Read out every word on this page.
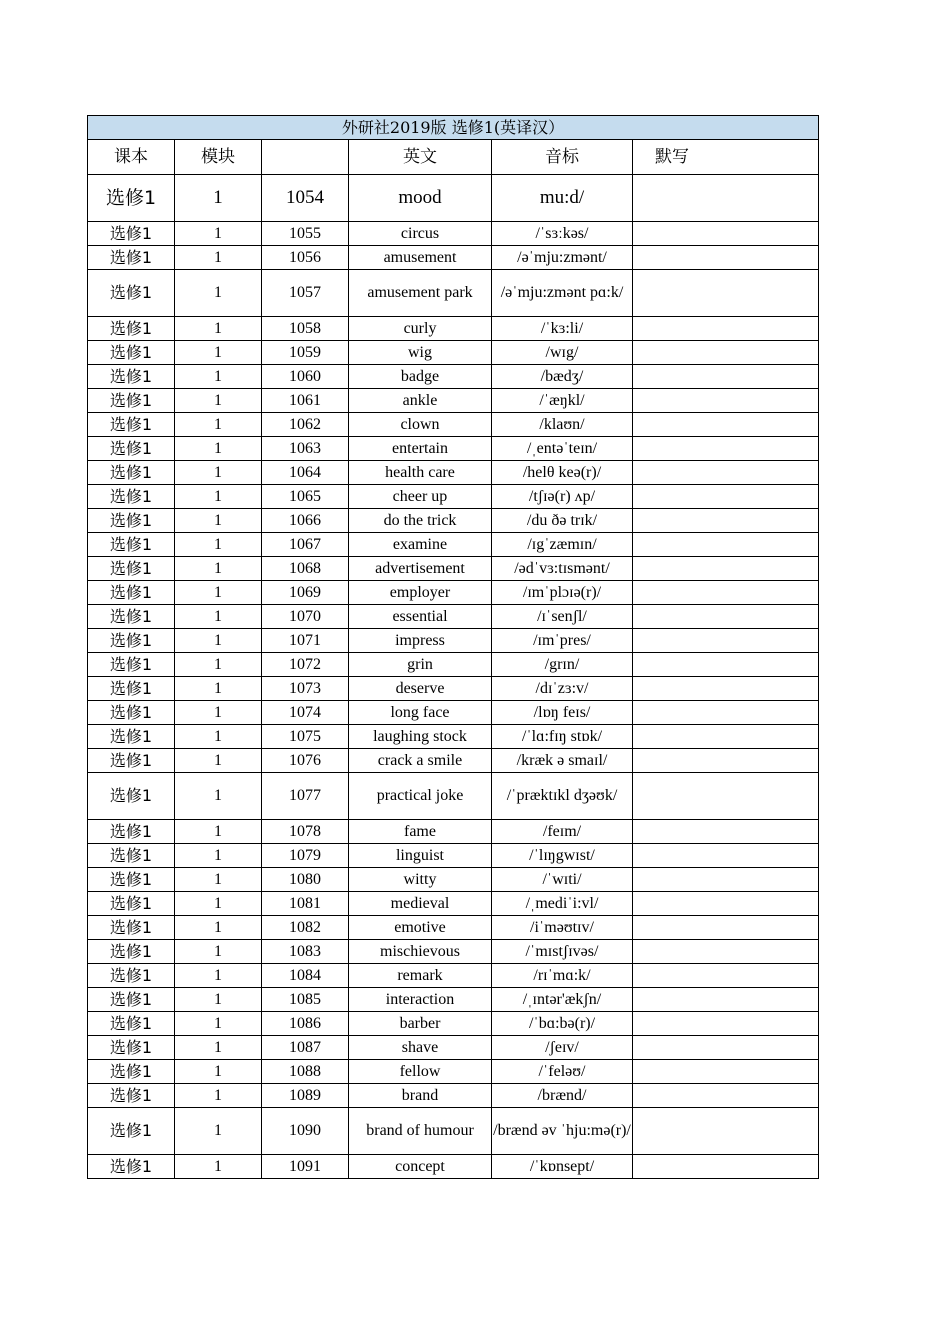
外研社2019版 选修1(英译汉）					
课本	模块		英文	音标	默写
选修1	1	1054	mood	mu:d/	
选修1	1	1055	circus	/ˈsɜːkəs/	
选修1	1	1056	amusement	/əˈmju:zmənt/	
选修1	1	1057	amusement park	/əˈmju:zmənt pɑ:k/	
选修1	1	1058	curly	/ˈkɜ:li/	
选修1	1	1059	wig	/wɪg/	
选修1	1	1060	badge	/bædʒ/	
选修1	1	1061	ankle	/ˈæŋkl/	
选修1	1	1062	clown	/klaʊn/	
选修1	1	1063	entertain	/ˌentəˈteɪn/	
选修1	1	1064	health care	/helθ keə(r)/	
选修1	1	1065	cheer up	/tʃɪə(r) ʌp/	
选修1	1	1066	do the trick	/du ðə trɪk/	
选修1	1	1067	examine	/ɪgˈzæmɪn/	
选修1	1	1068	advertisement	/ədˈvɜ:tɪsmənt/	
选修1	1	1069	employer	/ɪmˈplɔɪə(r)/	
选修1	1	1070	essential	/ɪˈsenʃl/	
选修1	1	1071	impress	/ɪmˈpres/	
选修1	1	1072	grin	/grɪn/	
选修1	1	1073	deserve	/dɪˈzɜ:v/	
选修1	1	1074	long face	/lɒŋ feɪs/	
选修1	1	1075	laughing stock	/ˈlɑ:fɪŋ stɒk/	
选修1	1	1076	crack a smile	/kræk ə smaɪl/	
选修1	1	1077	practical joke	/ˈpræktɪkl dʒəʊk/	
选修1	1	1078	fame	/feɪm/	
选修1	1	1079	linguist	/ˈlɪŋgwɪst/	
选修1	1	1080	witty	/ˈwɪti/	
选修1	1	1081	medieval	/ˌmediˈi:vl/	
选修1	1	1082	emotive	/iˈməʊtɪv/	
选修1	1	1083	mischievous	/ˈmɪstʃɪvəs/	
选修1	1	1084	remark	/rɪˈmɑ:k/	
选修1	1	1085	interaction	/ˌɪntər'ækʃn/	
选修1	1	1086	barber	/ˈbɑ:bə(r)/	
选修1	1	1087	shave	/ʃeɪv/	
选修1	1	1088	fellow	/ˈfeləʊ/	
选修1	1	1089	brand	/brænd/	
选修1	1	1090	brand of humour	/brænd əv ˈhju:mə(r)/	
选修1	1	1091	concept	/ˈkɒnsept/	
